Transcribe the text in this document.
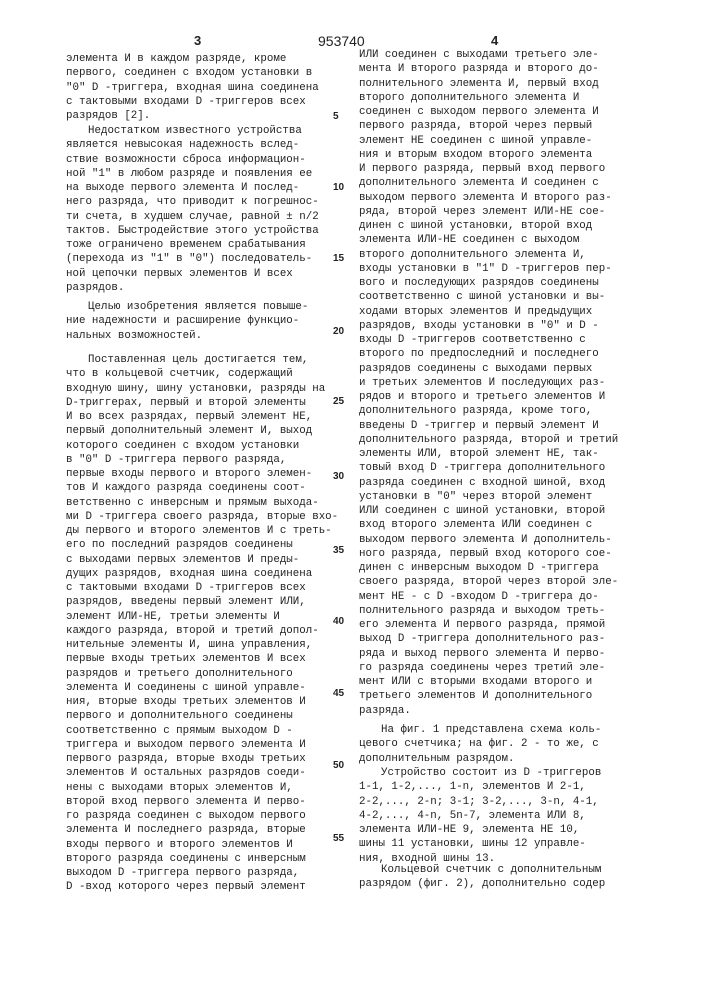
3	953740	4
элемента И в каждом разряде, кроме
первого, соединен с входом установки в
"0" D -триггера, входная шина соединена
с тактовыми входами D -триггеров всех
разрядов [2].
Недостатком известного устройства
является невысокая надежность вслед-
ствие возможности сброса информацион-
ной "1" в любом разряде и появления ее
на выходе первого элемента И послед-
него разряда, что приводит к погрешнос-
ти счета, в худшем случае, равной ± n/2
тактов. Быстродействие этого устройства
тоже ограничено временем срабатывания
(перехода из "1" в "0") последователь-
ной цепочки первых элементов И всех
разрядов.
Целью изобретения является повыше-
ние надежности и расширение функцио-
нальных возможностей.
Поставленная цель достигается тем,
что в кольцевой счетчик, содержащий
входную шину, шину установки, разряды на
D-триггерах, первый и второй элементы
И во всех разрядах, первый элемент НЕ,
первый дополнительный элемент И, выход
которого соединен с входом установки
в "0" D -триггера первого разряда,
первые входы первого и второго элемен-
тов И каждого разряда соединены соот-
ветственно с инверсным и прямым выхода-
ми D -триггера своего разряда, вторые вхо-
ды первого и второго элементов И с треть-
его по последний разрядов соединены
с выходами первых элементов И преды-
дущих разрядов, входная шина соединена
с тактовыми входами D -триггеров всех
разрядов, введены первый элемент ИЛИ,
элемент ИЛИ-НЕ, третьи элементы И
каждого разряда, второй и третий допол-
нительные элементы И, шина управления,
первые входы третьих элементов И всех
разрядов и третьего дополнительного
элемента И соединены с шиной управле-
ния, вторые входы третьих элементов И
первого и дополнительного соединены
соответственно с прямым выходом D -
триггера и выходом первого элемента И
первого разряда, вторые входы третьих
элементов И остальных разрядов соеди-
нены с выходами вторых элементов И,
второй вход первого элемента И перво-
го разряда соединен с выходом первого
элемента И последнего разряда, вторые
входы первого и второго элементов И
второго разряда соединены с инверсным
выходом D -триггера первого разряда,
D -вход которого через первый элемент
ИЛИ соединен с выходами третьего эле-
мента И второго разряда и второго до-
полнительного элемента И, первый вход
второго дополнительного элемента И
соединен с выходом первого элемента И
первого разряда, второй через первый
элемент НЕ соединен с шиной управле-
ния и вторым входом второго элемента
И первого разряда, первый вход первого
дополнительного элемента И соединен с
выходом первого элемента И второго раз-
ряда, второй через элемент ИЛИ-НЕ сое-
динен с шиной установки, второй вход
элемента ИЛИ-НЕ соединен с выходом
второго дополнительного элемента И,
входы установки в "1" D -триггеров пер-
вого и последующих разрядов соединены
соответственно с шиной установки и вы-
ходами вторых элементов И предыдущих
разрядов, входы установки в "0" и D -
входы D -триггеров соответственно с
второго по предпоследний и последнего
разрядов соединены с выходами первых
и третьих элементов И последующих раз-
рядов и второго и третьего элементов И
дополнительного разряда, кроме того,
введены D -триггер и первый элемент И
дополнительного разряда, второй и третий
элементы ИЛИ, второй элемент НЕ, так-
товый вход D -триггера дополнительного
разряда соединен с входной шиной, вход
установки в "0" через второй элемент
ИЛИ соединен с шиной установки, второй
вход второго элемента ИЛИ соединен с
выходом первого элемента И дополнитель-
ного разряда, первый вход которого сое-
динен с инверсным выходом D -триггера
своего разряда, второй через второй эле-
мент НЕ - с D -входом D -триггера до-
полнительного разряда и выходом треть-
его элемента И первого разряда, прямой
выход D -триггера дополнительного раз-
ряда и выход первого элемента И перво-
го разряда соединены через третий эле-
мент ИЛИ с вторыми входами второго и
третьего элементов И дополнительного
разряда.
На фиг. 1 представлена схема коль-
цевого счетчика; на фиг. 2 - то же, с
дополнительным разрядом.
Устройство состоит из D -триггеров
1-1, 1-2,..., 1-n, элементов И 2-1,
2-2,..., 2-n; 3-1; 3-2,..., 3-n, 4-1,
4-2,..., 4-n, 5n-7, элемента ИЛИ 8,
элемента ИЛИ-НЕ 9, элемента НЕ 10,
шины 11 установки, шины 12 управле-
ния, входной шины 13.
Кольцевой счетчик с дополнительным
разрядом (фиг. 2), дополнительно содер
5
10
15
20
25
30
35
40
45
50
55
